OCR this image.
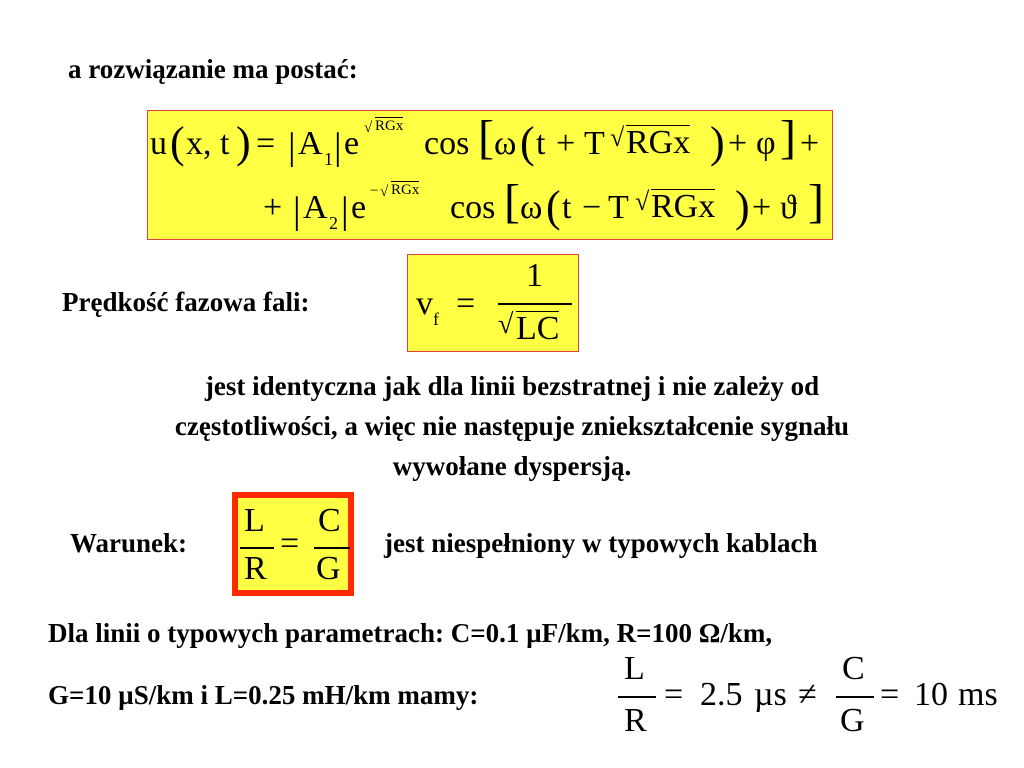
a rozwiązanie ma postać:
u ( x, t ) = | A 1 | e √ RGx cos [ ω ( t + T √ RGx ) + φ ] +
+ | A 2 | e − √ RGx cos [ ω ( t − T √ RGx ) + ϑ ]
Prędkość fazowa fali:	v f =
1
√ LC
jest identyczna jak dla linii bezstratnej i nie zależy od
częstotliwości, a więc nie następuje zniekształcenie sygnału
wywołane dyspersją.
Warunek:
L
R
=
C
G
jest niespełniony w typowych kablach
Dla linii o typowych parametrach: C=0.1 µF/km, R=100 Ω/km,
G=10 µS/km i L=0.25 mH/km mamy:
L
R
= 2.5 µs ≠
C
G
= 10 ms
